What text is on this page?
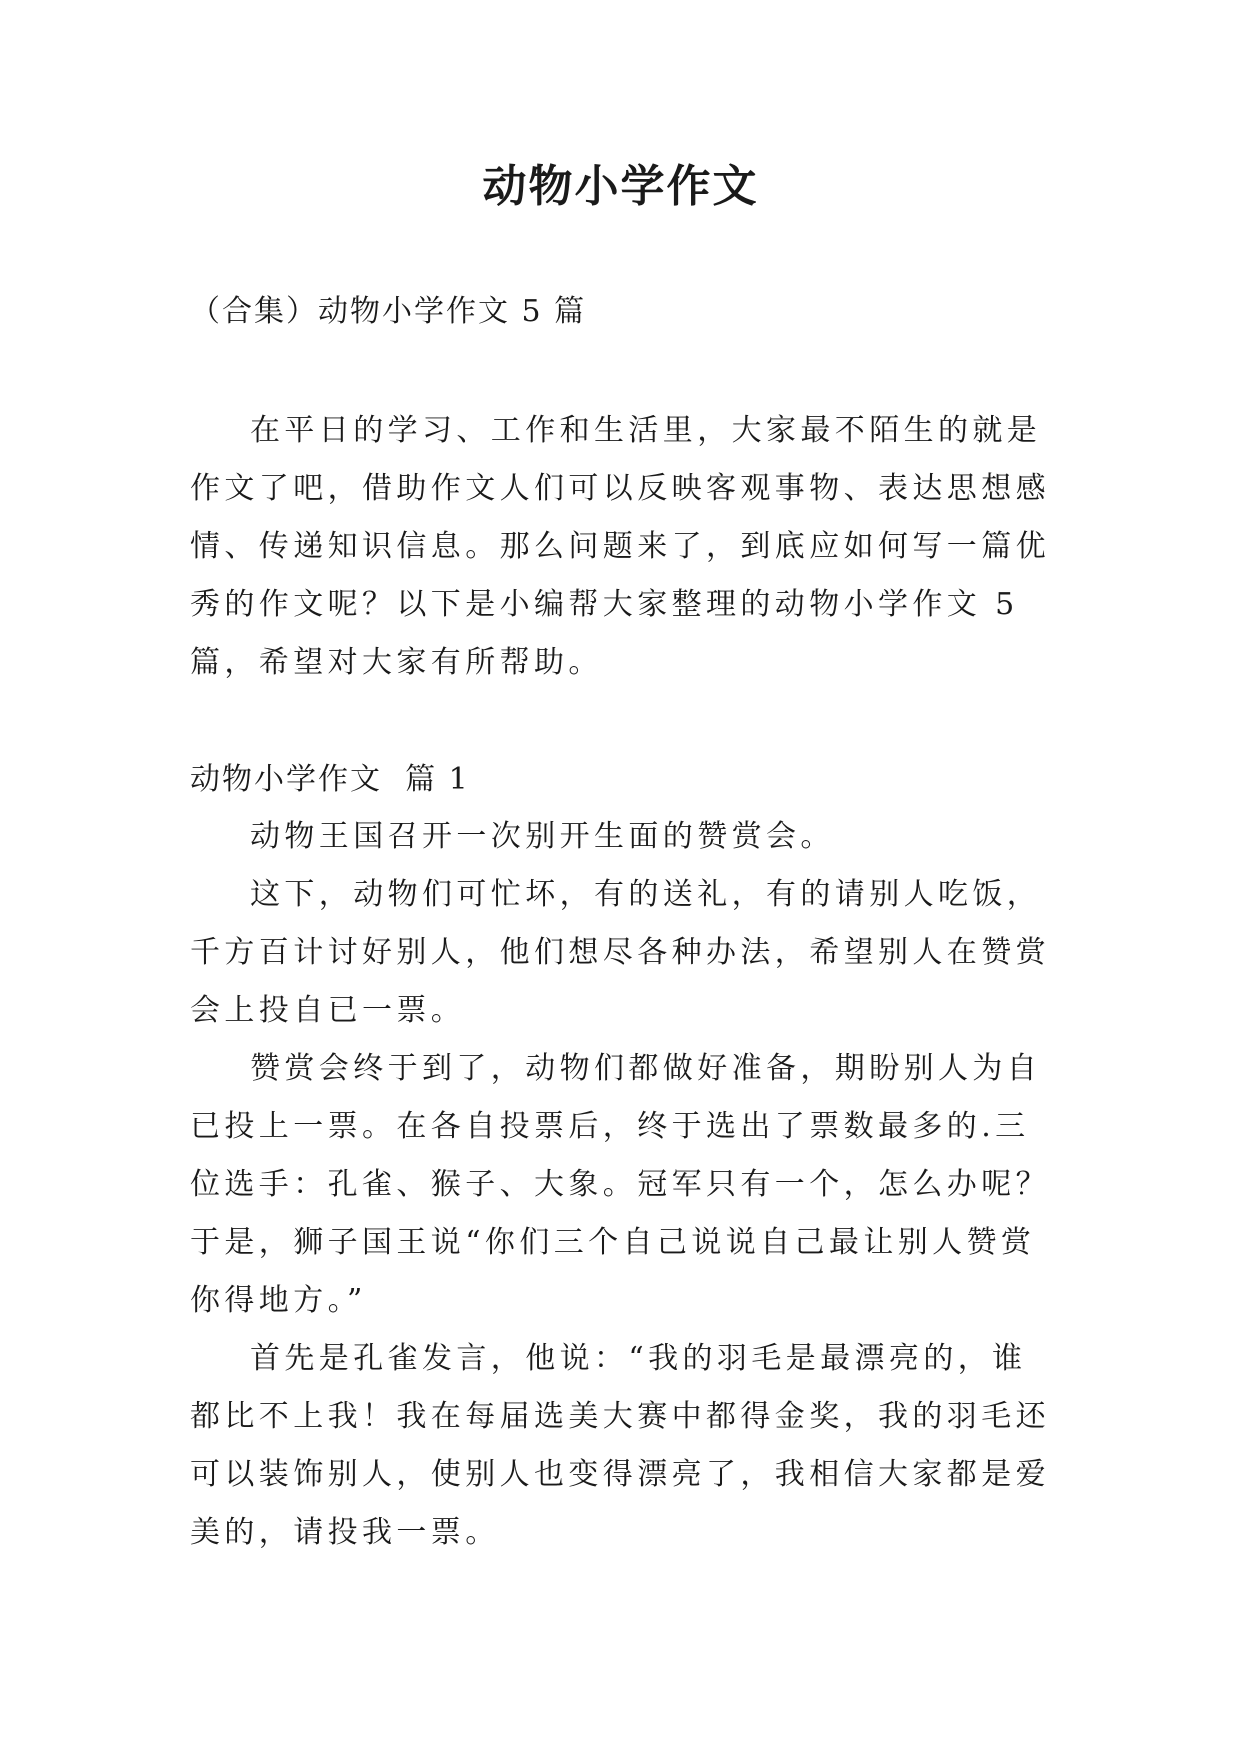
动物小学作文
（合集）动物小学作文 5 篇

在平日的学习、工作和生活里，大家最不陌生的就是作文了吧，借助作文人们可以反映客观事物、表达思想感情、传递知识信息。那么问题来了，到底应如何写一篇优秀的作文呢？以下是小编帮大家整理的动物小学作文 5 篇，希望对大家有所帮助。

动物小学作文  篇 1

动物王国召开一次别开生面的赞赏会。

这下，动物们可忙坏，有的送礼，有的请别人吃饭，千方百计讨好别人，他们想尽各种办法，希望别人在赞赏会上投自已一票。

赞赏会终于到了，动物们都做好准备，期盼别人为自已投上一票。在各自投票后，终于选出了票数最多的.三位选手：孔雀、猴子、大象。冠军只有一个，怎么办呢？于是，狮子国王说“你们三个自己说说自己最让别人赞赏你得地方。”

首先是孔雀发言，他说：“我的羽毛是最漂亮的，谁都比不上我！我在每届选美大赛中都得金奖，我的羽毛还可以装饰别人，使别人也变得漂亮了，我相信大家都是爱美的，请投我一票。
